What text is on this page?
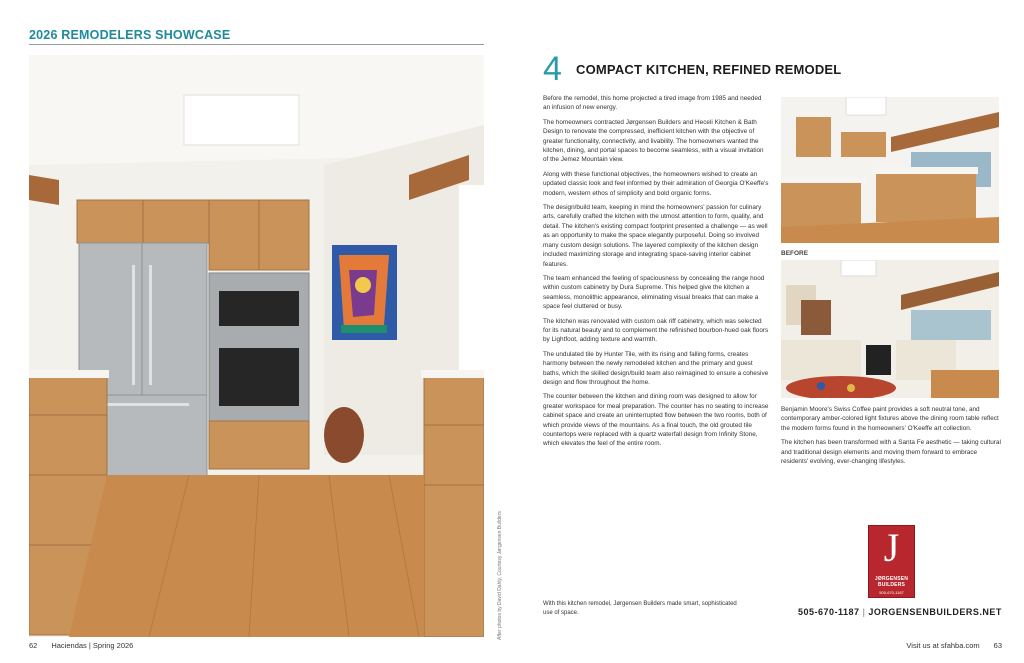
2026 REMODELERS SHOWCASE
After photos by David Dahly, Courtesy Jørgensen Builders
4 COMPACT KITCHEN, REFINED REMODEL

Before the remodel, this home projected a tired image from 1985 and needed an infusion of new energy.

The homeowners contracted Jørgensen Builders and Heceli Kitchen & Bath Design to renovate the compressed, inefficient kitchen with the objective of greater functionality, connectivity, and livability. The homeowners wanted the kitchen, dining, and portal spaces to become seamless, with a visual invitation of the Jemez Mountain view.

Along with these functional objectives, the homeowners wished to create an updated classic look and feel informed by their admiration of Georgia O'Keeffe's modern, western ethos of simplicity and bold organic forms.

The design/build team, keeping in mind the homeowners' passion for culinary arts, carefully crafted the kitchen with the utmost attention to form, quality, and detail. The kitchen's existing compact footprint presented a challenge — as well as an opportunity to make the space elegantly purposeful. Doing so involved many custom design solutions. The layered complexity of the kitchen design included maximizing storage and integrating space-saving interior cabinet features.

The team enhanced the feeling of spaciousness by concealing the range hood within custom cabinetry by Dura Supreme. This helped give the kitchen a seamless, monolithic appearance, eliminating visual breaks that can make a space feel cluttered or busy.

The kitchen was renovated with custom oak riff cabinetry, which was selected for its natural beauty and to complement the refinished bourbon-hued oak floors by Lightfoot, adding texture and warmth.

The undulated tile by Hunter Tile, with its rising and falling forms, creates harmony between the newly remodeled kitchen and the primary and guest baths, which the skilled design/build team also reimagined to ensure a cohesive design and flow throughout the home.

The counter between the kitchen and dining room was designed to allow for greater workspace for meal preparation. The counter has no seating to increase cabinet space and create an uninterrupted flow between the two rooms, both of which provide views of the mountains. As a final touch, the old grouted tile countertops were replaced with a quartz waterfall design from Infinity Stone, which elevates the feel of the entire room.

With this kitchen remodel, Jørgensen Builders made smart, sophisticated use of space.
BEFORE

Benjamin Moore's Swiss Coffee paint provides a soft neutral tone, and contemporary amber-colored light fixtures above the dining room table reflect the modern forms found in the homeowners' O'Keeffe art collection.

The kitchen has been transformed with a Santa Fe aesthetic — taking cultural and traditional design elements and moving them forward to embrace residents' evolving, ever-changing lifestyles.

J
JØRGENSEN
BUILDERS
505-670-1187
505-670-1187 | JORGENSENBUILDERS.NET
62 Haciendas | Spring 2026	Visit us at sfahba.com 63
